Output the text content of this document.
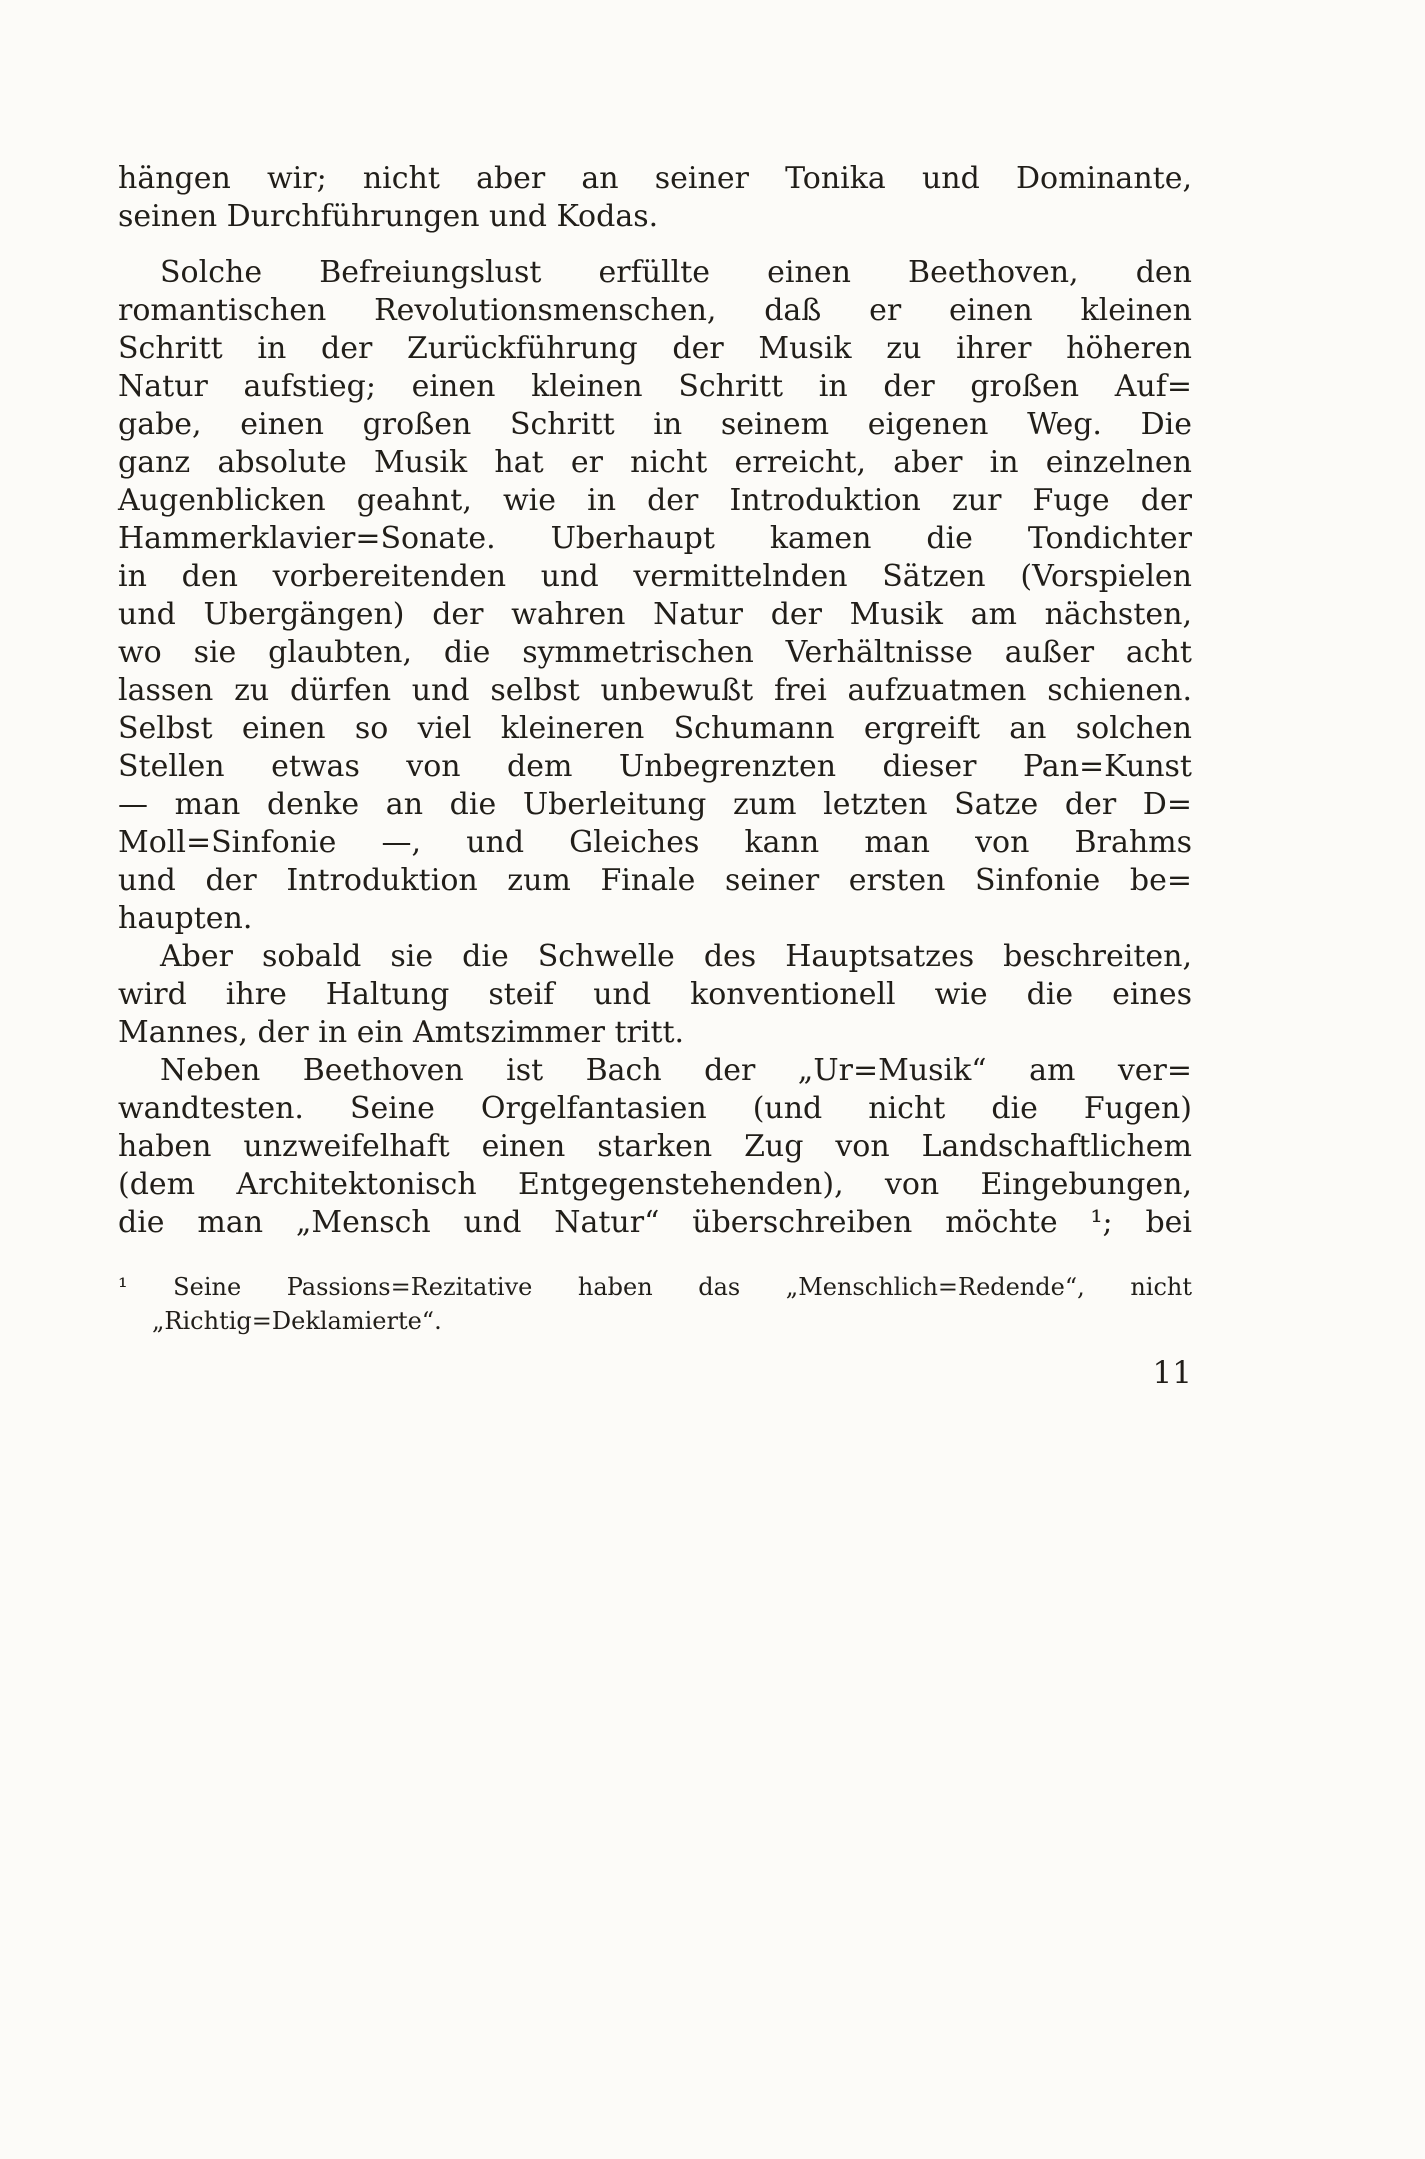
hängen wir; nicht aber an seiner Tonika und Dominante,
seinen Durchführungen und Kodas.
Solche Befreiungslust erfüllte einen Beethoven, den
romantischen Revolutionsmenschen, daß er einen kleinen
Schritt in der Zurückführung der Musik zu ihrer höheren
Natur aufstieg; einen kleinen Schritt in der großen Auf=
gabe, einen großen Schritt in seinem eigenen Weg. Die
ganz absolute Musik hat er nicht erreicht, aber in einzelnen
Augenblicken geahnt, wie in der Introduktion zur Fuge der
Hammerklavier=Sonate. Uberhaupt kamen die Tondichter
in den vorbereitenden und vermittelnden Sätzen (Vorspielen
und Ubergängen) der wahren Natur der Musik am nächsten,
wo sie glaubten, die symmetrischen Verhältnisse außer acht
lassen zu dürfen und selbst unbewußt frei aufzuatmen schienen.
Selbst einen so viel kleineren Schumann ergreift an solchen
Stellen etwas von dem Unbegrenzten dieser Pan=Kunst
— man denke an die Uberleitung zum letzten Satze der D=
Moll=Sinfonie —, und Gleiches kann man von Brahms
und der Introduktion zum Finale seiner ersten Sinfonie be=
haupten.
Aber sobald sie die Schwelle des Hauptsatzes beschreiten,
wird ihre Haltung steif und konventionell wie die eines
Mannes, der in ein Amtszimmer tritt.
Neben Beethoven ist Bach der „Ur=Musik“ am ver=
wandtesten. Seine Orgelfantasien (und nicht die Fugen)
haben unzweifelhaft einen starken Zug von Landschaftlichem
(dem Architektonisch Entgegenstehenden), von Eingebungen,
die man „Mensch und Natur“ überschreiben möchte ¹; bei
¹ Seine Passions=Rezitative haben das „Menschlich=Redende“, nicht
„Richtig=Deklamierte“.
11
